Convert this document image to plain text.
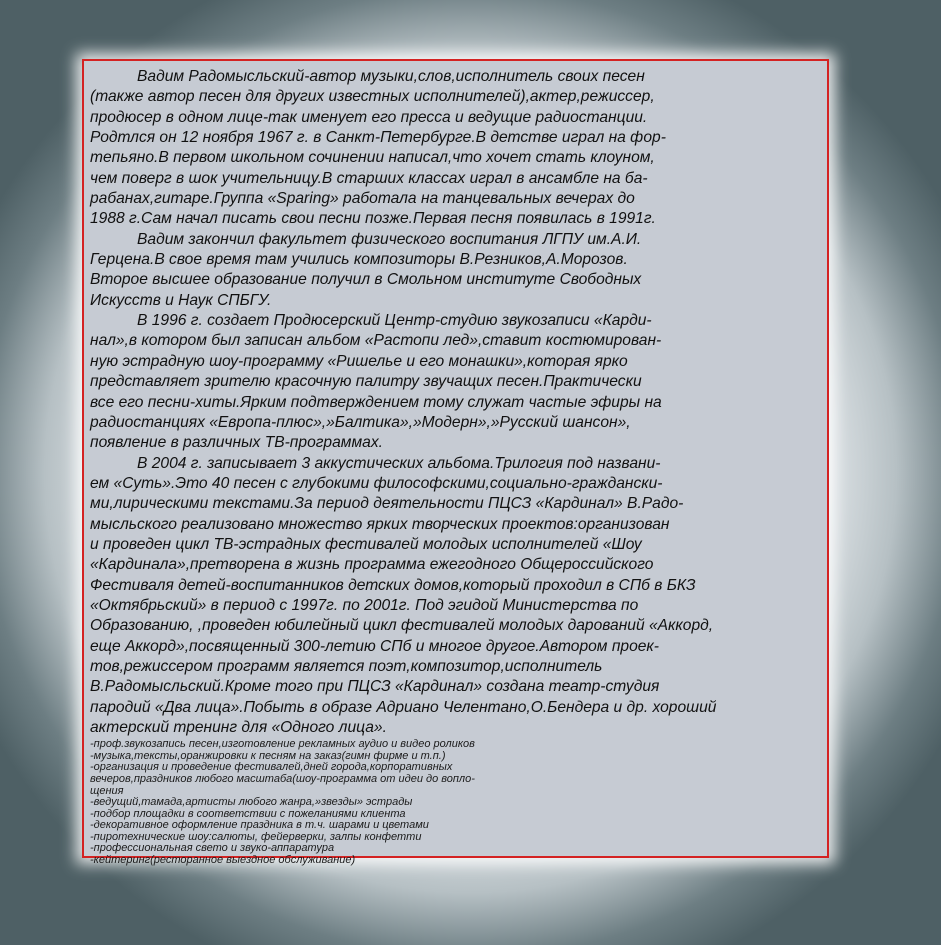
Вадим Радомысльский-автор музыки,слов,исполнитель своих песен
(также автор песен для других известных исполнителей),актер,режиссер,
продюсер в одном лице-так именует его пресса и ведущие радиостанции.
Родтлся он 12 ноября 1967 г. в Санкт-Петербурге.В детстве играл на фор-
тепьяно.В первом школьном сочинении написал,что хочет стать клоуном,
чем поверг в шок учительницу.В старших классах играл в ансамбле на ба-
рабанах,гитаре.Группа «Sparing» работала на танцевальных вечерах до
1988 г.Сам начал писать свои песни позже.Первая песня появилась в 1991г.
Вадим закончил факультет физического воспитания ЛГПУ им.А.И.
Герцена.В свое время там учились композиторы В.Резников,А.Морозов.
Второе высшее образование получил в Смольном институте Свободных
Искусств и Наук СПБГУ.
В 1996 г. создает Продюсерский Центр-студию звукозаписи «Карди-
нал»,в котором был записан альбом «Растопи лед»,ставит костюмирован-
ную эстрадную шоу-программу «Ришелье и его монашки»,которая ярко
представляет зрителю красочную палитру звучащих песен.Практически
все его песни-хиты.Ярким подтверждением тому служат частые эфиры на
радиостанциях «Европа-плюс»,»Балтика»,»Модерн»,»Русский шансон»,
появление в различных ТВ-программах.
В 2004 г. записывает 3 аккустических альбома.Трилогия под названи-
ем «Суть».Это 40 песен с глубокими философскими,социально-граждански-
ми,лирическими текстами.За период деятельности ПЦСЗ «Кардинал» В.Радо-
мысльского реализовано множество ярких творческих проектов:организован
и проведен цикл ТВ-эстрадных фестивалей молодых исполнителей «Шоу
«Кардинала»,претворена в жизнь программа ежегодного Общероссийского
Фестиваля детей-воспитанников детских домов,который проходил в СПб в БКЗ
«Октябрьский» в период с 1997г. по 2001г. Под эгидой Министерства по
Образованию, ,проведен юбилейный цикл фестивалей молодых дарований «Аккорд,
еще Аккорд»,посвященный 300-летию СПб и многое другое.Автором проек-
тов,режиссером программ является поэт,композитор,исполнитель
В.Радомысльский.Кроме того при ПЦСЗ «Кардинал» создана театр-студия
пародий «Два лица».Побыть в образе Адриано Челентано,О.Бендера и др. хороший
актерский тренинг для «Одного лица».
-проф.звукозапись песен,изготовление рекламных аудио и видео роликов
-музыка,тексты,оранжировки к песням на заказ(гимн фирме и т.п.)
-организация и проведение фестивалей,дней города,корпоративных
вечеров,праздников любого масштаба(шоу-программа от идеи до вопло-
щения
-ведущий,тамада,артисты любого жанра,»звезды» эстрады
-подбор площадки в соответствии с пожеланиями клиента
-декоративное оформление праздника в т.ч. шарами и цветами
-пиротехнические шоу:салюты, фейерверки, залпы конфетти
-профессиональная свето и звуко-аппаратура
-кейтеринг(ресторанное выездное обслуживание)
